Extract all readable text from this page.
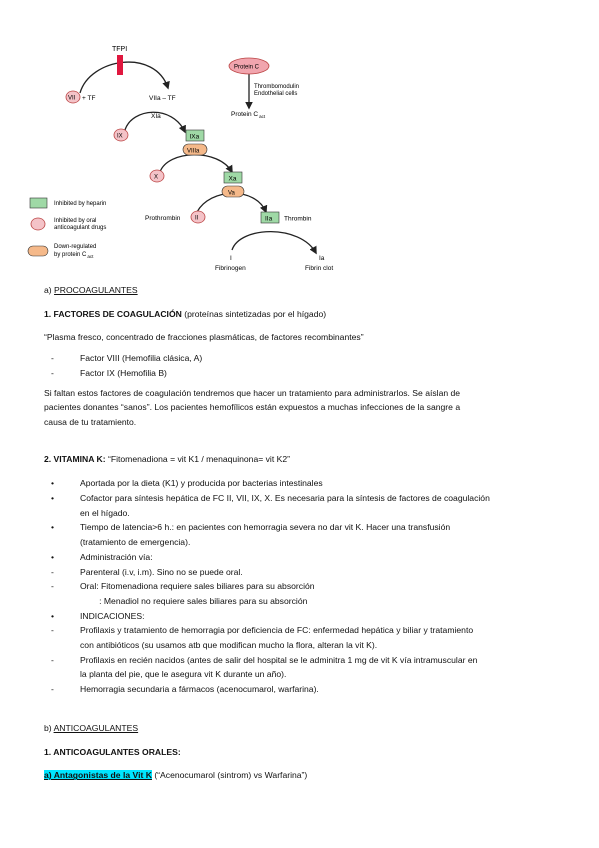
TFPI
VII + TF	VIIa – TF
XIa
IX	IXa
VIIIa
X	Xa
Va
Prothrombin II	IIa Thrombin
I
Fibrinogen
Ia
Fibrin clot
Protein C
Thrombomodulin
Endothelial cells
Protein $C_{act}$
Inhibited by heparin
Inhibited by oral
anticoagulant drugs
Down-regulated
by protein $C_{act}$
a) PROCOAGULANTES
1. FACTORES DE COAGULACIÓN (proteínas sintetizadas por el hígado)
“Plasma fresco, concentrado de fracciones plasmáticas, de factores recombinantes”
-	Factor VIII (Hemofilia clásica, A)
-	Factor IX (Hemofilia B)
Si faltan estos factores de coagulación tendremos que hacer un tratamiento para administrarlos. Se aíslan de
pacientes donantes “sanos”. Los pacientes hemofílicos están expuestos a muchas infecciones de la sangre a
causa de tu tratamiento.
2. VITAMINA K: “Fitomenadiona = vit K1 / menaquinona= vit K2”
•	Aportada por la dieta (K1) y producida por bacterias intestinales
•	Cofactor para síntesis hepática de FC II, VII, IX, X. Es necesaria para la síntesis de factores de coagulación
en el hígado.
•	Tiempo de latencia>6 h.: en pacientes con hemorragia severa no dar vit K. Hacer una transfusión
(tratamiento de emergencia).
•	Administración vía:
-	Parenteral (i.v, i.m). Sino no se puede oral.
-	Oral: Fitomenadiona requiere sales biliares para su absorción
: Menadiol no requiere sales biliares para su absorción
•	INDICACIONES:
-	Profilaxis y tratamiento de hemorragia por deficiencia de FC: enfermedad hepática y biliar y tratamiento
con antibióticos (su usamos atb que modifican mucho la flora, alteran la vit K).
-	Profilaxis en recién nacidos (antes de salir del hospital se le adminitra 1 mg de vit K vía intramuscular en
la planta del pie, que le asegura vit K durante un año).
-	Hemorragia secundaria a fármacos (acenocumarol, warfarina).
b) ANTICOAGULANTES
1. ANTICOAGULANTES ORALES:
a) Antagonistas de la Vit K (“Acenocumarol (sintrom) vs Warfarina”)
